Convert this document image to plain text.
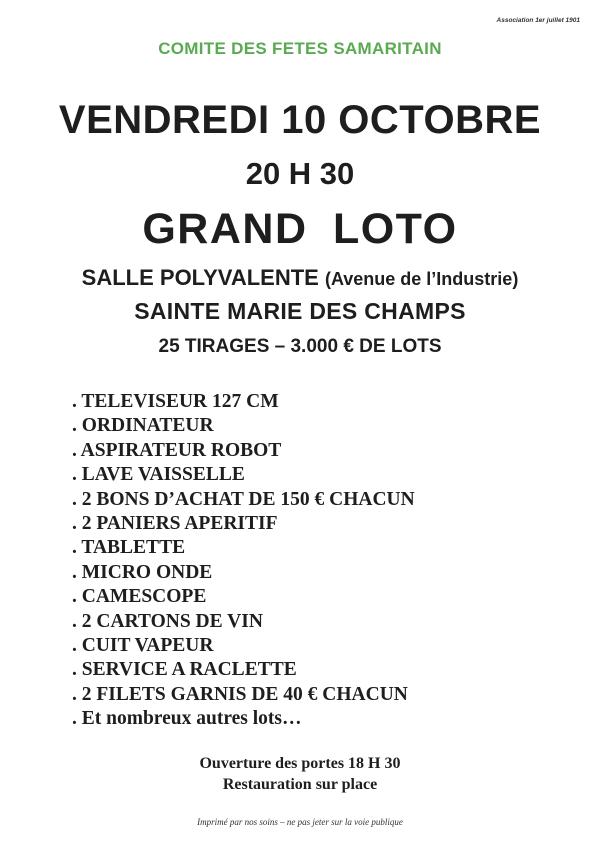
Association 1er juillet 1901
COMITE DES FETES SAMARITAIN
VENDREDI 10 OCTOBRE
20 H 30
GRAND LOTO
SALLE POLYVALENTE (Avenue de l’Industrie)
SAINTE MARIE DES CHAMPS
25 TIRAGES – 3.000 € DE LOTS
. TELEVISEUR 127 CM
. ORDINATEUR
. ASPIRATEUR ROBOT
. LAVE VAISSELLE
. 2 BONS D’ACHAT DE 150 € CHACUN
. 2 PANIERS APERITIF
. TABLETTE
. MICRO ONDE
. CAMESCOPE
. 2 CARTONS DE VIN
. CUIT VAPEUR
. SERVICE A RACLETTE
. 2 FILETS GARNIS DE 40 € CHACUN
. Et nombreux autres lots…
Ouverture des portes 18 H 30
Restauration sur place
Imprimé par nos soins – ne pas jeter sur la voie publique
